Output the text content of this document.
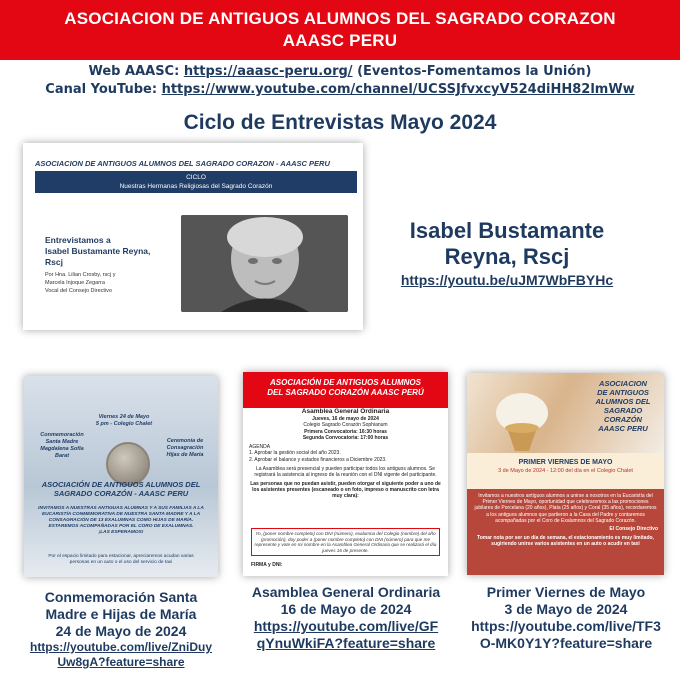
ASOCIACION DE ANTIGUOS ALUMNOS DEL SAGRADO CORAZON
AAASC PERU
Web AAASC: https://aaasc-peru.org/ (Eventos-Fomentamos la Unión)
Canal YouTube: https://www.youtube.com/channel/UCSSJfvxcyV524diHH82lmWw
Ciclo de Entrevistas Mayo 2024
ASOCIACION DE ANTIGUOS ALUMNOS DEL SAGRADO CORAZON - AAASC PERU
CICLO
Nuestras Hermanas Religiosas del Sagrado Corazón
Entrevistamos a
Isabel Bustamante Reyna,
Rscj
Por Hna. Lilian Crosby, rscj y
Marcela Injoque Zegarra
Vocal del Consejo Directivo
Isabel Bustamante
Reyna, Rscj
https://youtu.be/uJM7WbFBYHc
Viernes 24 de Mayo
5 pm - Colegio Chalet
Conmemoración
Santa Madre
Magdalena Sofía
Barat
Ceremonia de
Consagración
Hijas de María
ASOCIACIÓN DE ANTIGUOS ALUMNOS DEL
SAGRADO CORAZÓN - AAASC PERU
INVITAMOS A NUESTRAS ANTIGUAS ALUMNAS Y A SUS FAMILIAS A LA
EUCARISTÍA CONMEMORATIVA DE NUESTRA SANTA MADRE Y A LA
CONSAGRACIÓN DE 13 EXALUMNAS COMO HIJAS DE MARÍA.
ESTAREMOS ACOMPAÑADAS POR EL CORO DE EXALUMNAS.
¡LAS ESPERAMOS!
Por el espacio limitado para estacionar, apreciaremos acudan varias
personas en un auto o el uso del servicio de taxi
ASOCIACIÓN DE ANTIGUOS ALUMNOS
DEL SAGRADO CORAZÓN AAASC PERÚ
Asamblea General Ordinaria
Jueves, 16 de mayo de 2024
Colegio Sagrado Corazón Sophianum
Primera Convocatoria: 16:30 horas
Segunda Convocatoria: 17:00 horas
AGENDA
1. Aprobar la gestión social del año 2023.
2. Aprobar el balance y estados financieros a Diciembre 2023.
La Asamblea será presencial y pueden participar todos los antiguos alumnos. Se registrará la asistencia al ingreso de la reunión con el DNI vigente del participante.
Las personas que no puedan asistir, pueden otorgar el siguiente poder a uno de los asistentes presentes (escaneado o en foto, impreso o manuscrito con letra muy clara):
Yo, (poner nombre completo) con DNI (número), exalumna del Colegio (nombre) del año (promoción), doy poder a (poner nombre completo) con DNI (número) para que me represente y vote en mi nombre en la Asamblea General Ordinaria que se realizará el día jueves 16 de presente.
FIRMA y DNI:
ASOCIACION
DE ANTIGUOS
ALUMNOS DEL
SAGRADO
CORAZÓN
AAASC PERU
PRIMER VIERNES DE MAYO
3 de Mayo de 2024 - 12:00 del día en el Colegio Chalet
Invitamos a nuestros antiguos alumnos a unirse a nosotros en la Eucaristía del Primer Viernes de Mayo, oportunidad que celebraremos a las promociones jubilares de Porcelana (20 años), Plata (25 años) y Coral (35 años), recordaremos a los antiguos alumnos que partieron a la Casa del Padre y contaremos acompañadas por el Coro de Exalumnos del Sagrado Corazón.
El Consejo Directivo
Tomar nota por ser un día de semana, el estacionamiento es muy limitado, sugiriendo unirse varios asistentes en un auto o acudir en taxi
Conmemoración Santa
Madre e Hijas de María
24 de Mayo de 2024
https://youtube.com/live/ZniDuy
Uw8gA?feature=share
Asamblea General Ordinaria
16 de Mayo de 2024
https://youtube.com/live/GF
qYnuWkiFA?feature=share
Primer Viernes de Mayo
3 de Mayo de 2024
https://youtube.com/live/TF3
O-MK0Y1Y?feature=share
